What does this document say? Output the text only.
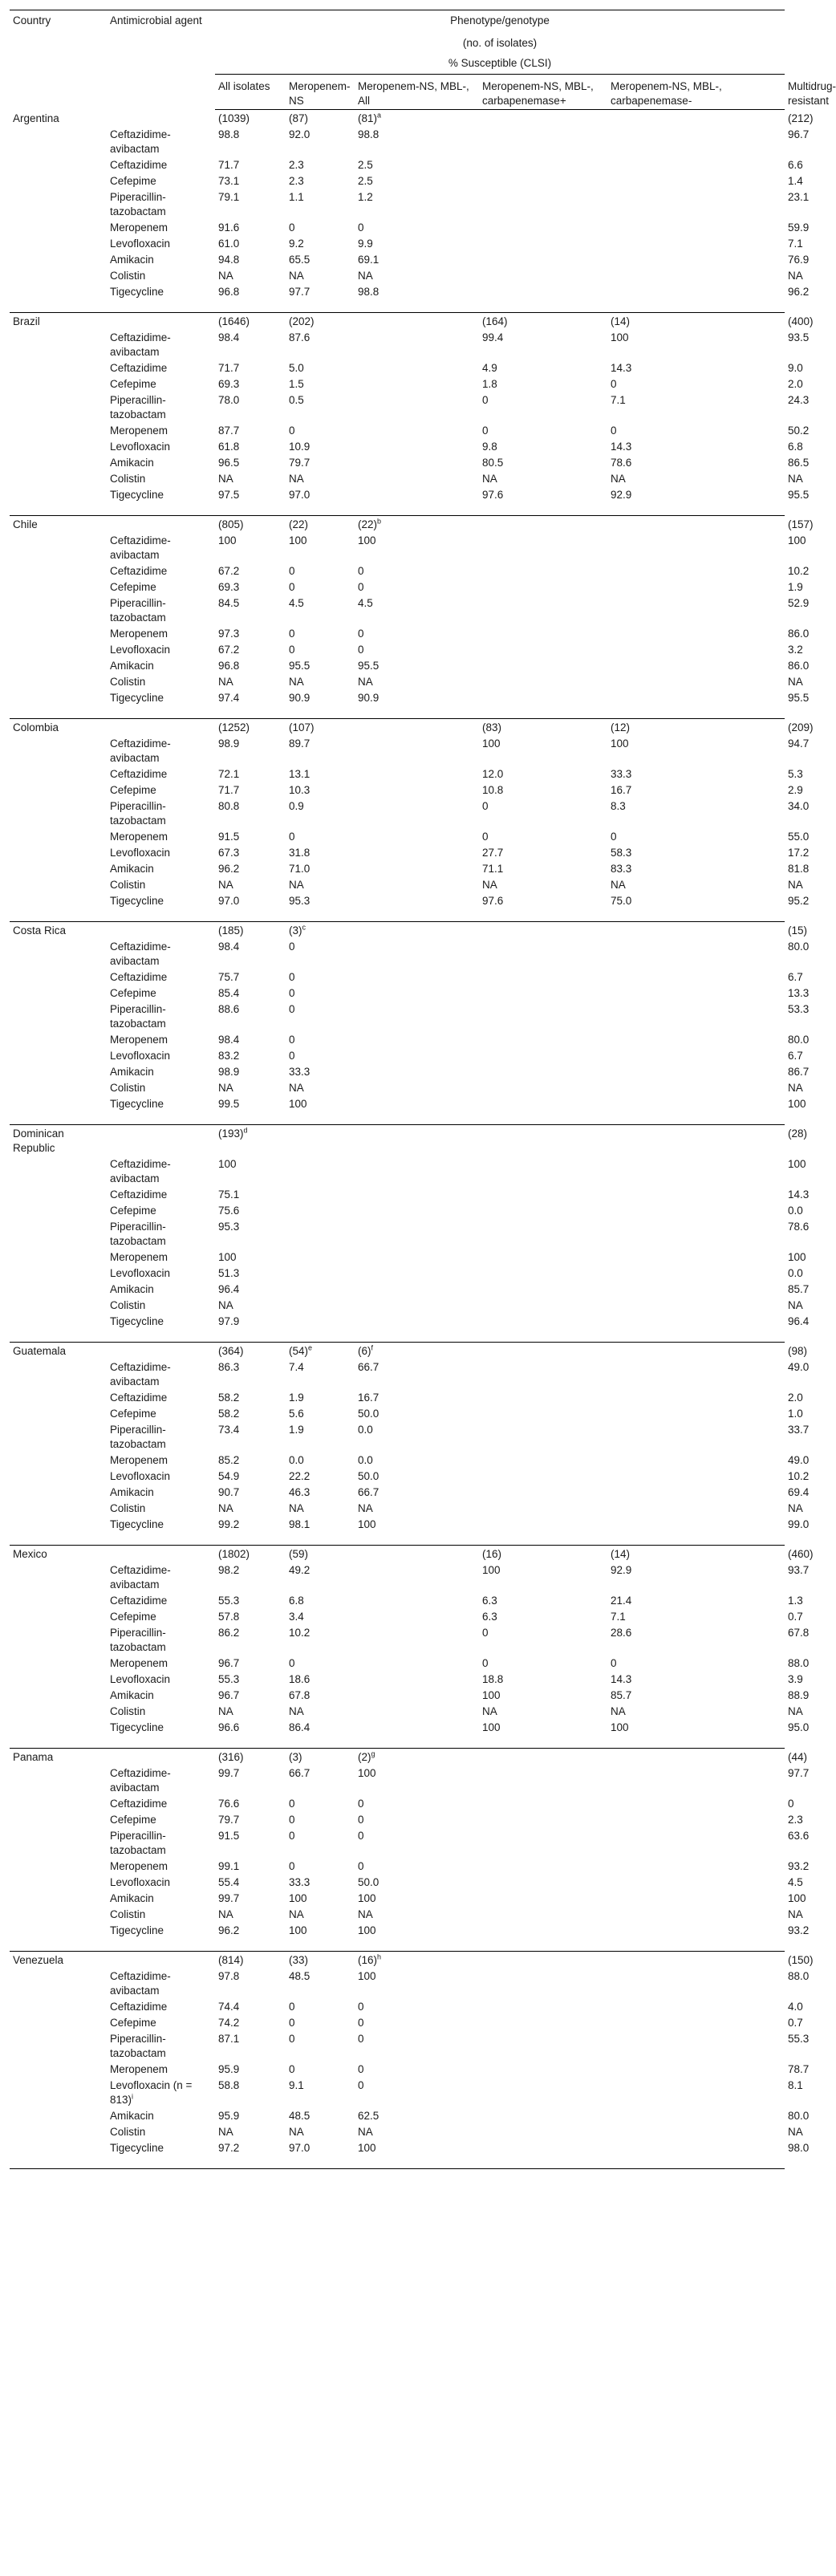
Country	Antimicrobial agent	Phenotype/genotype					
		(no. of isolates)					
		% Susceptible (CLSI)					
		All isolates	Meropenem-NS	Meropenem-NS, MBL-, All	Meropenem-NS, MBL-, carbapenemase+	Meropenem-NS, MBL-, carbapenemase-	Multidrug-resistant
Argentina		(1039)	(87)	$(81)^a$			(212)
	Ceftazidime-avibactam	98.8	92.0	98.8			96.7
	Ceftazidime	71.7	2.3	2.5			6.6
	Cefepime	73.1	2.3	2.5			1.4
	Piperacillin-tazobactam	79.1	1.1	1.2			23.1
	Meropenem	91.6	0	0			59.9
	Levofloxacin	61.0	9.2	9.9			7.1
	Amikacin	94.8	65.5	69.1			76.9
	Colistin	NA	NA	NA			NA
	Tigecycline	96.8	97.7	98.8			96.2
Brazil		(1646)	(202)		(164)	(14)	(400)
	Ceftazidime-avibactam	98.4	87.6		99.4	100	93.5
	Ceftazidime	71.7	5.0		4.9	14.3	9.0
	Cefepime	69.3	1.5		1.8	0	2.0
	Piperacillin-tazobactam	78.0	0.5		0	7.1	24.3
	Meropenem	87.7	0		0	0	50.2
	Levofloxacin	61.8	10.9		9.8	14.3	6.8
	Amikacin	96.5	79.7		80.5	78.6	86.5
	Colistin	NA	NA		NA	NA	NA
	Tigecycline	97.5	97.0		97.6	92.9	95.5
Chile		(805)	(22)	$(22)^b$			(157)
	Ceftazidime-avibactam	100	100	100			100
	Ceftazidime	67.2	0	0			10.2
	Cefepime	69.3	0	0			1.9
	Piperacillin-tazobactam	84.5	4.5	4.5			52.9
	Meropenem	97.3	0	0			86.0
	Levofloxacin	67.2	0	0			3.2
	Amikacin	96.8	95.5	95.5			86.0
	Colistin	NA	NA	NA			NA
	Tigecycline	97.4	90.9	90.9			95.5
Colombia		(1252)	(107)		(83)	(12)	(209)
	Ceftazidime-avibactam	98.9	89.7		100	100	94.7
	Ceftazidime	72.1	13.1		12.0	33.3	5.3
	Cefepime	71.7	10.3		10.8	16.7	2.9
	Piperacillin-tazobactam	80.8	0.9		0	8.3	34.0
	Meropenem	91.5	0		0	0	55.0
	Levofloxacin	67.3	31.8		27.7	58.3	17.2
	Amikacin	96.2	71.0		71.1	83.3	81.8
	Colistin	NA	NA		NA	NA	NA
	Tigecycline	97.0	95.3		97.6	75.0	95.2
Costa Rica		(185)	$(3)^c$				(15)
	Ceftazidime-avibactam	98.4	0				80.0
	Ceftazidime	75.7	0				6.7
	Cefepime	85.4	0				13.3
	Piperacillin-tazobactam	88.6	0				53.3
	Meropenem	98.4	0				80.0
	Levofloxacin	83.2	0				6.7
	Amikacin	98.9	33.3				86.7
	Colistin	NA	NA				NA
	Tigecycline	99.5	100				100
Dominican Republic		$(193)^d$					(28)
	Ceftazidime-avibactam	100					100
	Ceftazidime	75.1					14.3
	Cefepime	75.6					0.0
	Piperacillin-tazobactam	95.3					78.6
	Meropenem	100					100
	Levofloxacin	51.3					0.0
	Amikacin	96.4					85.7
	Colistin	NA					NA
	Tigecycline	97.9					96.4
Guatemala		(364)	$(54)^e$	$(6)^f$			(98)
	Ceftazidime-avibactam	86.3	7.4	66.7			49.0
	Ceftazidime	58.2	1.9	16.7			2.0
	Cefepime	58.2	5.6	50.0			1.0
	Piperacillin-tazobactam	73.4	1.9	0.0			33.7
	Meropenem	85.2	0.0	0.0			49.0
	Levofloxacin	54.9	22.2	50.0			10.2
	Amikacin	90.7	46.3	66.7			69.4
	Colistin	NA	NA	NA			NA
	Tigecycline	99.2	98.1	100			99.0
Mexico		(1802)	(59)		(16)	(14)	(460)
	Ceftazidime-avibactam	98.2	49.2		100	92.9	93.7
	Ceftazidime	55.3	6.8		6.3	21.4	1.3
	Cefepime	57.8	3.4		6.3	7.1	0.7
	Piperacillin-tazobactam	86.2	10.2		0	28.6	67.8
	Meropenem	96.7	0		0	0	88.0
	Levofloxacin	55.3	18.6		18.8	14.3	3.9
	Amikacin	96.7	67.8		100	85.7	88.9
	Colistin	NA	NA		NA	NA	NA
	Tigecycline	96.6	86.4		100	100	95.0
Panama		(316)	(3)	$(2)^g$			(44)
	Ceftazidime-avibactam	99.7	66.7	100			97.7
	Ceftazidime	76.6	0	0			0
	Cefepime	79.7	0	0			2.3
	Piperacillin-tazobactam	91.5	0	0			63.6
	Meropenem	99.1	0	0			93.2
	Levofloxacin	55.4	33.3	50.0			4.5
	Amikacin	99.7	100	100			100
	Colistin	NA	NA	NA			NA
	Tigecycline	96.2	100	100			93.2
Venezuela		(814)	(33)	$(16)^h$			(150)
	Ceftazidime-avibactam	97.8	48.5	100			88.0
	Ceftazidime	74.4	0	0			4.0
	Cefepime	74.2	0	0			0.7
	Piperacillin-tazobactam	87.1	0	0			55.3
	Meropenem	95.9	0	0			78.7
	Levofloxacin (n = 813)$^i$	58.8	9.1	0			8.1
	Amikacin	95.9	48.5	62.5			80.0
	Colistin	NA	NA	NA			NA
	Tigecycline	97.2	97.0	100			98.0
